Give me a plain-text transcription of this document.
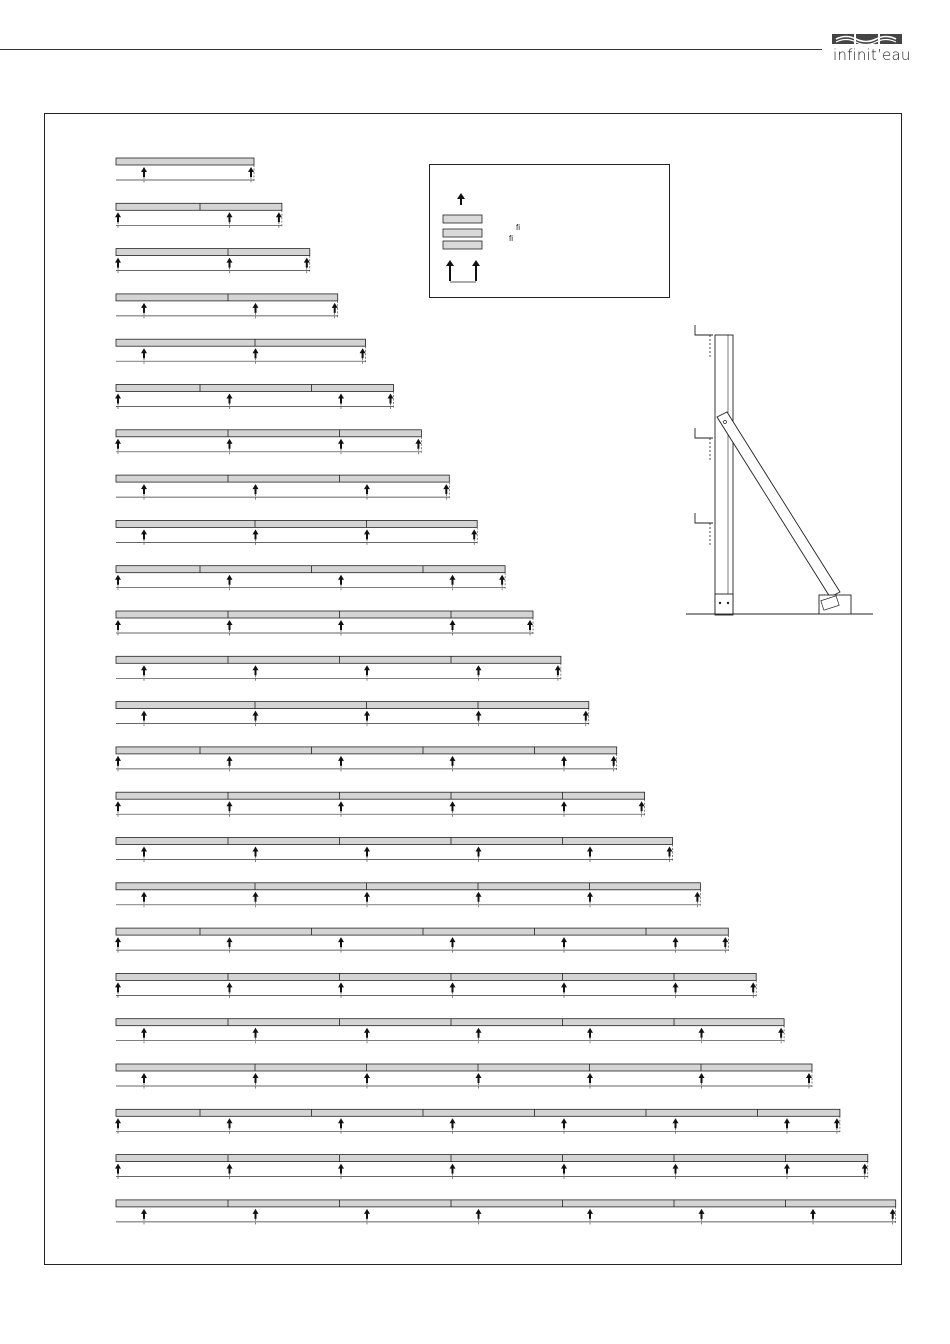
infinit’eau
fi
fi
